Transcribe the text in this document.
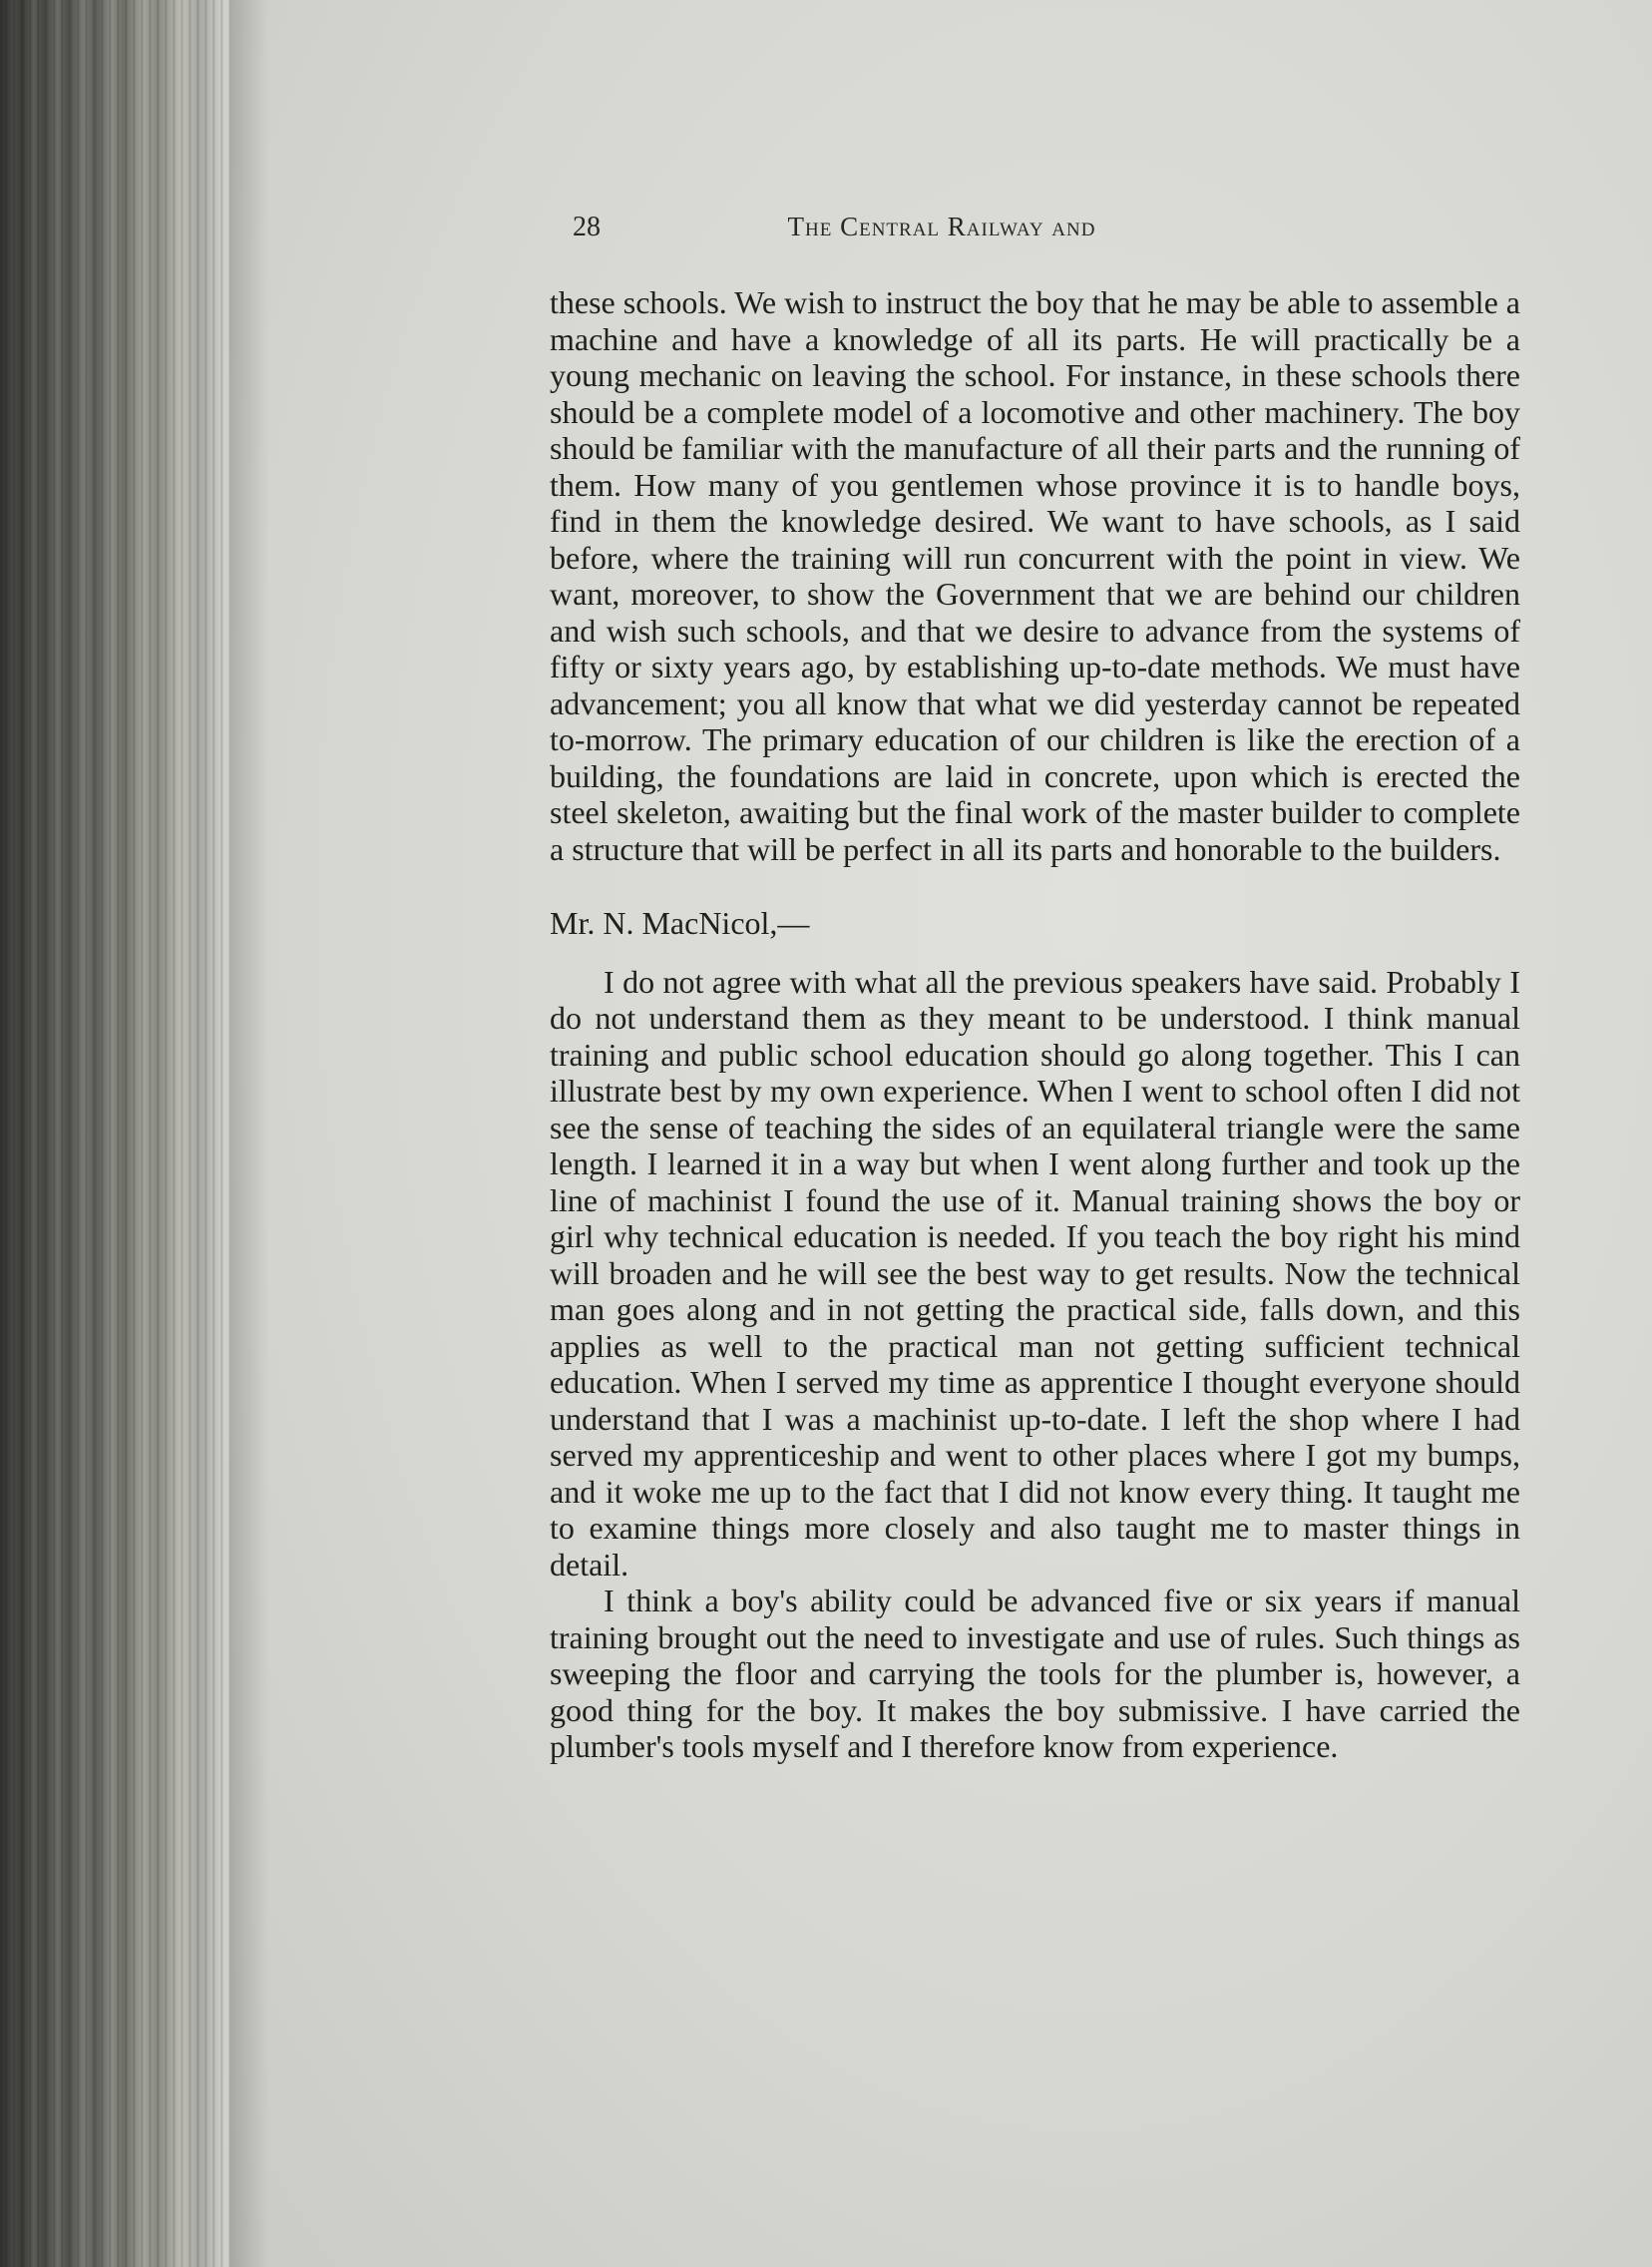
28	The Central Railway and

these schools. We wish to instruct the boy that he may be able to assemble a machine and have a knowledge of all its parts. He will practically be a young mechanic on leaving the school. For instance, in these schools there should be a complete model of a locomotive and other machinery. The boy should be familiar with the manufacture of all their parts and the running of them. How many of you gentlemen whose province it is to handle boys, find in them the knowledge desired. We want to have schools, as I said before, where the training will run concurrent with the point in view. We want, moreover, to show the Government that we are behind our children and wish such schools, and that we desire to advance from the systems of fifty or sixty years ago, by establishing up-to-date methods. We must have advancement; you all know that what we did yesterday cannot be repeated to-morrow. The primary education of our children is like the erection of a building, the foundations are laid in concrete, upon which is erected the steel skeleton, awaiting but the final work of the master builder to complete a structure that will be perfect in all its parts and honorable to the builders.

Mr. N. MacNicol,—

I do not agree with what all the previous speakers have said. Probably I do not understand them as they meant to be understood. I think manual training and public school education should go along together. This I can illustrate best by my own experience. When I went to school often I did not see the sense of teaching the sides of an equilateral triangle were the same length. I learned it in a way but when I went along further and took up the line of machinist I found the use of it. Manual training shows the boy or girl why technical education is needed. If you teach the boy right his mind will broaden and he will see the best way to get results. Now the technical man goes along and in not getting the practical side, falls down, and this applies as well to the practical man not getting sufficient technical education. When I served my time as apprentice I thought everyone should understand that I was a machinist up-to-date. I left the shop where I had served my apprenticeship and went to other places where I got my bumps, and it woke me up to the fact that I did not know every thing. It taught me to examine things more closely and also taught me to master things in detail.

I think a boy's ability could be advanced five or six years if manual training brought out the need to investigate and use of rules. Such things as sweeping the floor and carrying the tools for the plumber is, however, a good thing for the boy. It makes the boy submissive. I have carried the plumber's tools myself and I therefore know from experience.
